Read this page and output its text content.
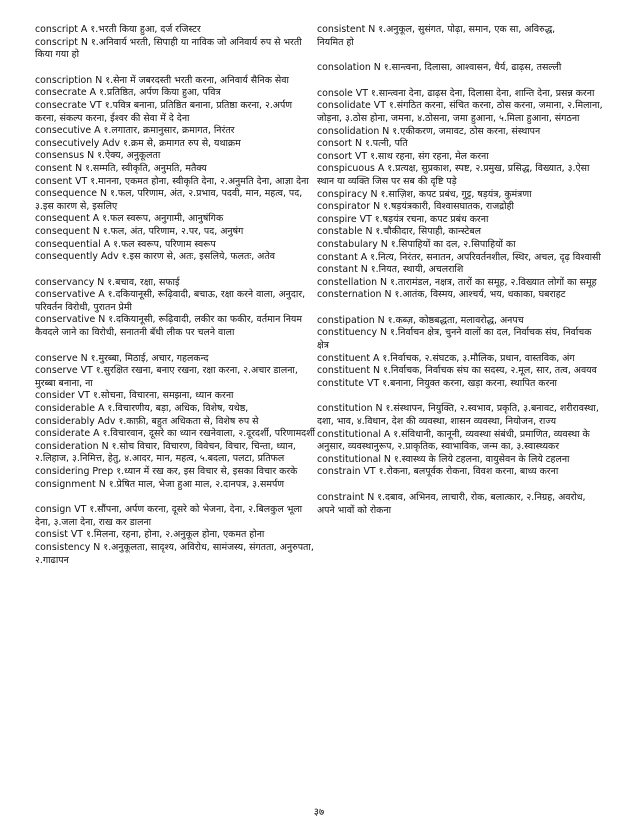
conscript A १.भरती किया हुआ, दर्ज रजिस्टर

conscript N १.अनिवार्य भरती, सिपाही या नाविक जो अनिवार्य रुप से भरती किया गया हो

conscription N १.सेना में जबरदस्ती भरती करना, अनिवार्य सैनिक सेवा

consecrate A १.प्रतिष्ठित, अर्पण किया हुआ, पवित्र

consecrate VT १.पवित्र बनाना, प्रतिष्ठित बनाना, प्रतिष्ठा करना, २.अर्पण करना, संकल्प करना, ईश्वर की सेवा में दे देना

consecutive A १.लगातार, क्रमानुसार, क्रमागत, निरंतर

consecutively Adv १.क्रम से, क्रमागत रुप से, यथाक्रम

consensus N १.ऐक्य, अनुकूलता

consent N १.सम्मति, स्वीकृति, अनुमति, मतैक्य

consent VT १.मानना, एकमत होना, स्वीकृति देना, २.अनुमति देना, आज्ञा देना

consequence N १.फल, परिणाम, अंत, २.प्रभाव, पदवी, मान, महत्व, पद, ३.इस कारण से, इसलिए

consequent A १.फल स्वरूप, अनुगामी, आनुषंगिक

consequent N १.फल, अंत, परिणाम, २.पर, पद, अनुषंग

consequential A १.फल स्वरूप, परिणाम स्वरूप

consequently Adv १.इस कारण से, अतः, इसलिये, फलतः, अतेव

conservancy N १.बचाव, रक्षा, सफाई

conservative A १.दकियानूसी, रूढ़िवादी, बचाऊ, रक्षा करने वाला, अनुदार, परिवर्तन विरोधी, पुरातन प्रेमी

conservative N १.दकियानूसी, रूढ़िवादी, लकीर का फकीर, वर्तमान नियम कैवदले जाने का विरोधी, सनातनी बँधी लीक पर चलने वाला

conserve N १.मुरब्बा, मिठाई, अचार, गहलकन्द

conserve VT १.सुरक्षित रखना, बनाए रखना, रक्षा करना, २.अचार डालना, मुरब्बा बनाना, ना

consider VT १.सोचना, विचारना, समझना, ध्यान करना

considerable A १.विचारणीय, बड़ा, अधिक, विशेष, यथेष्ठ,

considerably Adv १.काफ़ी, बहुत अधिकता से, विशेष रुप से

considerate A १.विचारवान, दूसरे का ध्यान रखनेवाला, २.दूरदर्शी, परिणामदर्शी

consideration N १.सोच विचार, विचारण, विवेचन, विचार, चिन्ता, ध्यान, २.लिहाज, ३.निमित्त, हेतु, ४.आदर, मान, महत्व, ५.बदला, पलटा, प्रतिफल

considering Prep १.ध्यान में रख कर, इस विचार से, इसका विचार करके

consignment N १.प्रेषित माल, भेजा हुआ माल, २.दानपत्र, ३.समर्पण

consign VT १.सौंपना, अर्पण करना, दूसरे को भेजना, देना, २.बिलकुल भूला देना, ३.जला देना, राख कर डालना

consist VT १.मिलना, रहना, होना, २.अनुकूल होना, एकमत होना

consistency N १.अनुकूलता, सादृश्य, अविरोध, सामंजस्य, संगतता, अनुरुपता, २.गाढापन

consistent N १.अनुकूल, सुसंगत, पोढ़ा, समान, एक सा, अविरुद्ध,

नियमित हो

consolation N १.सान्त्वना, दिलासा, आश्वासन, धैर्य, ढाढ़स, तसल्ली

console VT १.सान्त्वना देना, ढाढ़स देना, दिलासा देना, शान्ति देना, प्रसन्न करना

consolidate VT १.संगठित करना, संचित करना, ठोस करना, जमाना, २.मिलाना, जोड़ना, ३.ठोस होना, जमना, ४.ठोसना, जमा हुआना, ५.मिला हुआना, संगठना

consolidation N १.एकीकरण, जमावट, ठोस करना, संस्थापन

consort N १.पत्नी, पति

consort VT १.साथ रहना, संग रहना, मेल करना

conspicuous A १.प्रत्यक्ष, सुप्रकाश, स्पष्ट, २.प्रमुख, प्रसिद्ध, विख्यात, ३.ऐसा स्थान या व्यक्ति जिस पर सब की दृष्टि पड़े

conspiracy N १.साज़िश, कपट प्रबंध, गुट्ट, षड़यंत्र, कुमंत्रणा

conspirator N १.षड़यंत्रकारी, विश्वासघातक, राजद्रोही

conspire VT १.षड़यंत्र रचना, कपट प्रबंध करना

constable N १.चौकीदार, सिपाही, कान्स्टेबल

constabulary N १.सिपाहियों का दल, २.सिपाहियों का

constant A १.नित्य, निरंतर, सनातन, अपरिवर्तनशील, स्थिर, अचल, दृढ़ विश्वासी

constant N १.नियत, स्थायी, अचलराशि

constellation N १.तारामंडल, नक्षत्र, तारों का समूह, २.विख्यात लोगों का समूह

consternation N १.आतंक, विस्मय, आश्चर्य, भय, धकाका, घबराहट

constipation N १.कब्ज़, कोष्ठबद्धता, मलावरोद्ध, अनपच

constituency N १.निर्वाचन क्षेत्र, चुनने वालों का दल, निर्वाचक संघ, निर्वाचक क्षेत्र

constituent A १.निर्वाचक, २.संघटक, ३.मौलिक, प्रधान, वास्तविक, अंग

constituent N १.निर्वाचक, निर्वाचक संघ का सदस्य, २.मूल, सार, तत्व, अवयव

constitute VT १.बनाना, नियुक्त करना, खड़ा करना, स्थापित करना

constitution N १.संस्थापन, नियुक्ति, २.स्वभाव, प्रकृति, ३.बनावट, शरीरावस्था, दशा, भाव, ४.विधान, देश की व्यवस्था, शासन व्यवस्था, नियोजन, राज्य

constitutional A १.संविधानी, कानूनी, व्यवस्था संबंधी, प्रमाणित, व्यवस्था के अनुसार, व्यवस्थानुरूप, २.प्राकृतिक, स्वाभाविक, जन्म का, ३.स्वास्थ्यकर

constitutional N १.स्वास्थ्य के लिये टहलना, वायुसेवन के लिये टहलना

constrain VT १.रोकना, बलपूर्वक रोकना, विवश करना, बाध्य करना

constraint N १.दबाव, अभिनव, लाचारी, रोक, बलात्कार, २.निग्रह, अवरोध, अपने भावों को रोकना

३७
